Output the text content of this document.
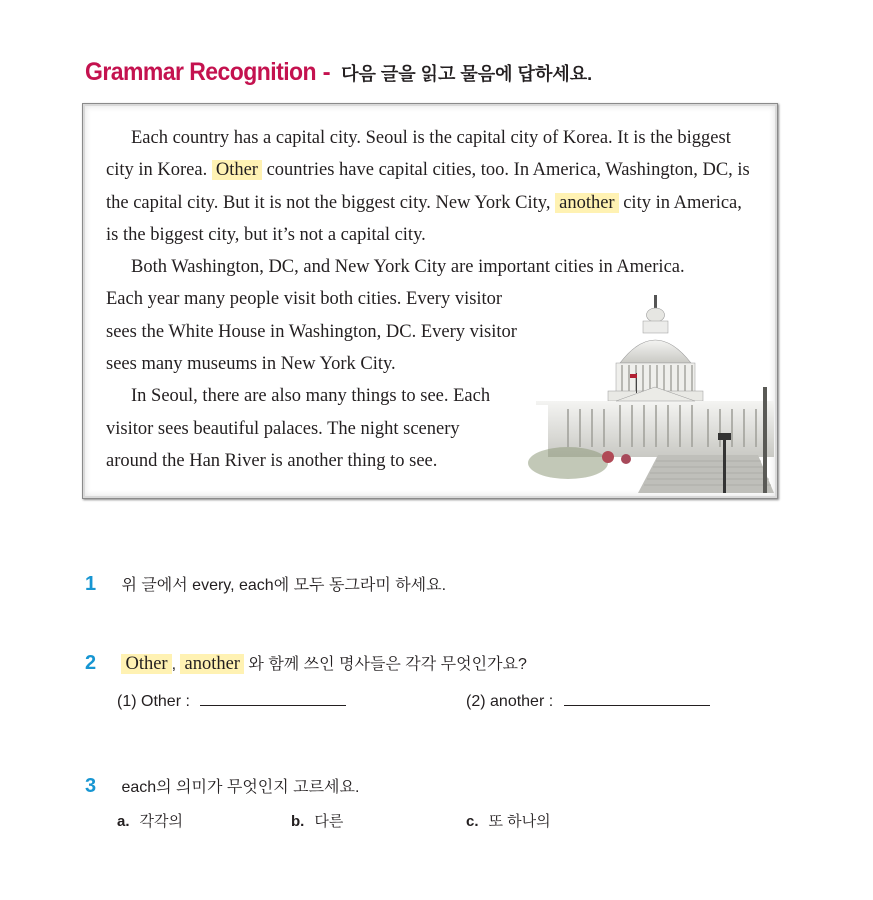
Grammar Recognition - 다음 글을 읽고 물음에 답하세요.

Each country has a capital city. Seoul is the capital city of Korea. It is the biggest city in Korea. Other countries have capital cities, too. In America, Washington, DC, is the capital city. But it is not the biggest city. New York City, another city in America, is the biggest city, but it’s not a capital city.

Both Washington, DC, and New York City are important cities in America.

Each year many people visit both cities. Every visitor

sees the White House in Washington, DC. Every visitor

sees many museums in New York City.

In Seoul, there are also many things to see. Each

visitor sees beautiful palaces. The night scenery

around the Han River is another thing to see.

1 위 글에서 every, each에 모두 동그라미 하세요.
2 Other , another 와 함께 쓰인 명사들은 각각 무엇인가요?
(1) Other :	(2) another :
3 each의 의미가 무엇인지 고르세요.
a. 각각의	b. 다른	c. 또 하나의
